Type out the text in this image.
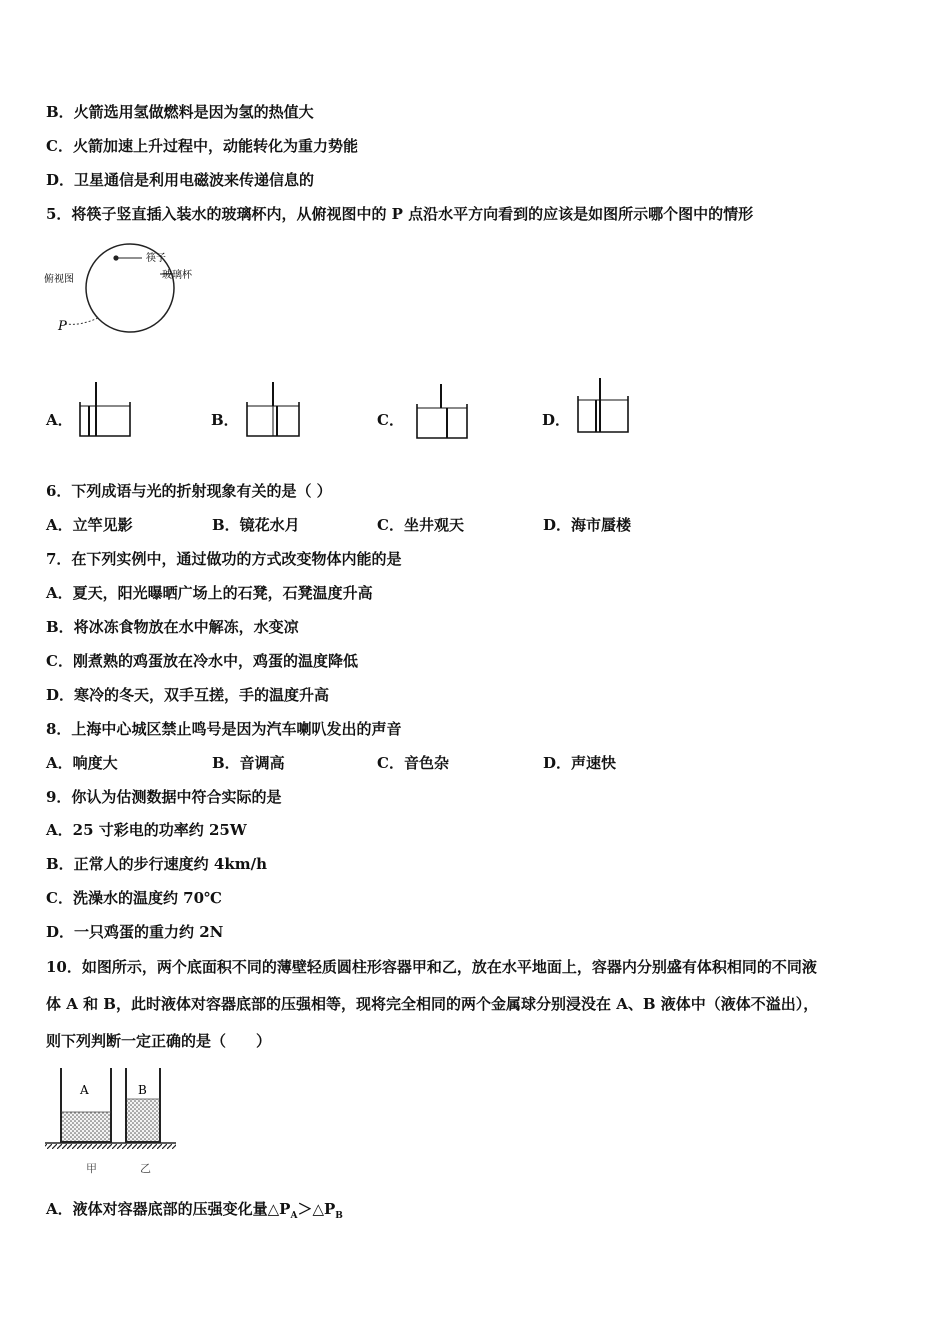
B．火箭选用氢做燃料是因为氢的热值大
C．火箭加速上升过程中，动能转化为重力势能
D．卫星通信是利用电磁波来传递信息的
5．将筷子竖直插入装水的玻璃杯内，从俯视图中的 P 点沿水平方向看到的应该是如图所示哪个图中的情形
俯视图
筷子
玻璃杯
P
A．	B．	C．	D．
6．下列成语与光的折射现象有关的是（ ）
A．立竿见影	B．镜花水月	C．坐井观天	D．海市蜃楼
7．在下列实例中，通过做功的方式改变物体内能的是
A．夏天，阳光曝晒广场上的石凳，石凳温度升高
B．将冰冻食物放在水中解冻，水变凉
C．刚煮熟的鸡蛋放在冷水中，鸡蛋的温度降低
D．寒冷的冬天，双手互搓，手的温度升高
8．上海中心城区禁止鸣号是因为汽车喇叭发出的声音
A．响度大	B．音调高	C．音色杂	D．声速快
9．你认为估测数据中符合实际的是
A．25 寸彩电的功率约 25W
B．正常人的步行速度约 4km/h
C．洗澡水的温度约 70℃
D．一只鸡蛋的重力约 2N
10．如图所示，两个底面积不同的薄壁轻质圆柱形容器甲和乙，放在水平地面上，容器内分别盛有体积相同的不同液
体 A 和 B，此时液体对容器底部的压强相等，现将完全相同的两个金属球分别浸没在 A、B 液体中（液体不溢出），
则下列判断一定正确的是（　　）
A	B
甲	乙
A．液体对容器底部的压强变化量$\triangle P_A>\triangle P_B$
